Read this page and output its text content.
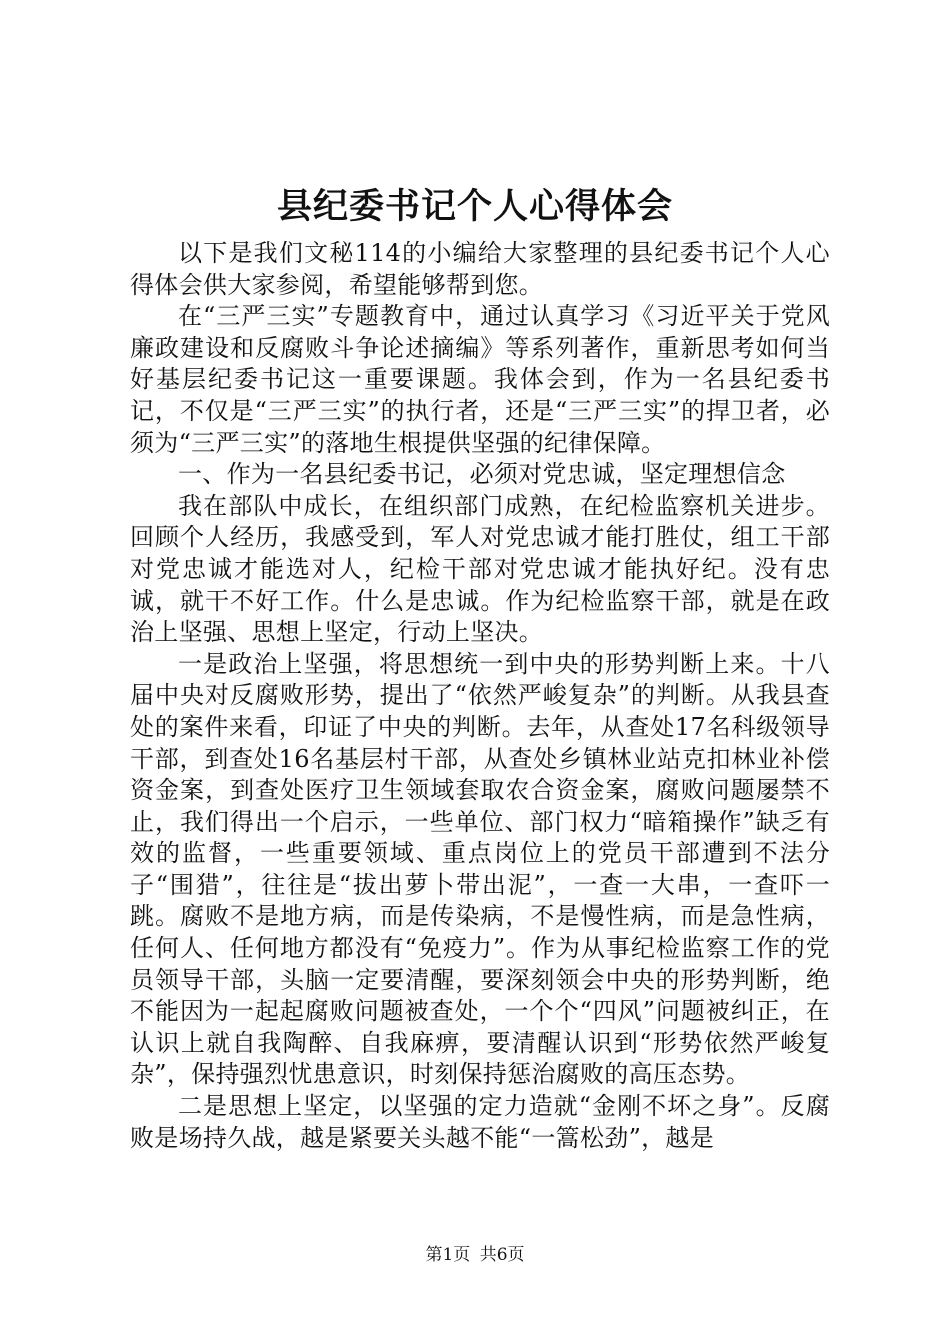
县纪委书记个人心得体会

以下是我们文秘114的小编给大家整理的县纪委书记个人心得体会供大家参阅，希望能够帮到您。

在“三严三实”专题教育中，通过认真学习《习近平关于党风廉政建设和反腐败斗争论述摘编》等系列著作，重新思考如何当好基层纪委书记这一重要课题。我体会到，作为一名县纪委书记，不仅是“三严三实”的执行者，还是“三严三实”的捍卫者，必须为“三严三实”的落地生根提供坚强的纪律保障。

一、作为一名县纪委书记，必须对党忠诚，坚定理想信念

我在部队中成长，在组织部门成熟，在纪检监察机关进步。回顾个人经历，我感受到，军人对党忠诚才能打胜仗，组工干部对党忠诚才能选对人，纪检干部对党忠诚才能执好纪。没有忠诚，就干不好工作。什么是忠诚。作为纪检监察干部，就是在政治上坚强、思想上坚定，行动上坚决。

一是政治上坚强，将思想统一到中央的形势判断上来。十八届中央对反腐败形势，提出了“依然严峻复杂”的判断。从我县查处的案件来看，印证了中央的判断。去年，从查处17名科级领导干部，到查处16名基层村干部，从查处乡镇林业站克扣林业补偿资金案，到查处医疗卫生领域套取农合资金案，腐败问题屡禁不止，我们得出一个启示，一些单位、部门权力“暗箱操作”缺乏有效的监督，一些重要领域、重点岗位上的党员干部遭到不法分子“围猎”，往往是“拔出萝卜带出泥”，一查一大串，一查吓一跳。腐败不是地方病，而是传染病，不是慢性病，而是急性病，任何人、任何地方都没有“免疫力”。作为从事纪检监察工作的党员领导干部，头脑一定要清醒，要深刻领会中央的形势判断，绝不能因为一起起腐败问题被查处，一个个“四风”问题被纠正，在认识上就自我陶醉、自我麻痹，要清醒认识到“形势依然严峻复杂”，保持强烈忧患意识，时刻保持惩治腐败的高压态势。

二是思想上坚定，以坚强的定力造就“金刚不坏之身”。反腐败是场持久战，越是紧要关头越不能“一篙松劲”，越是

第1页 共6页
